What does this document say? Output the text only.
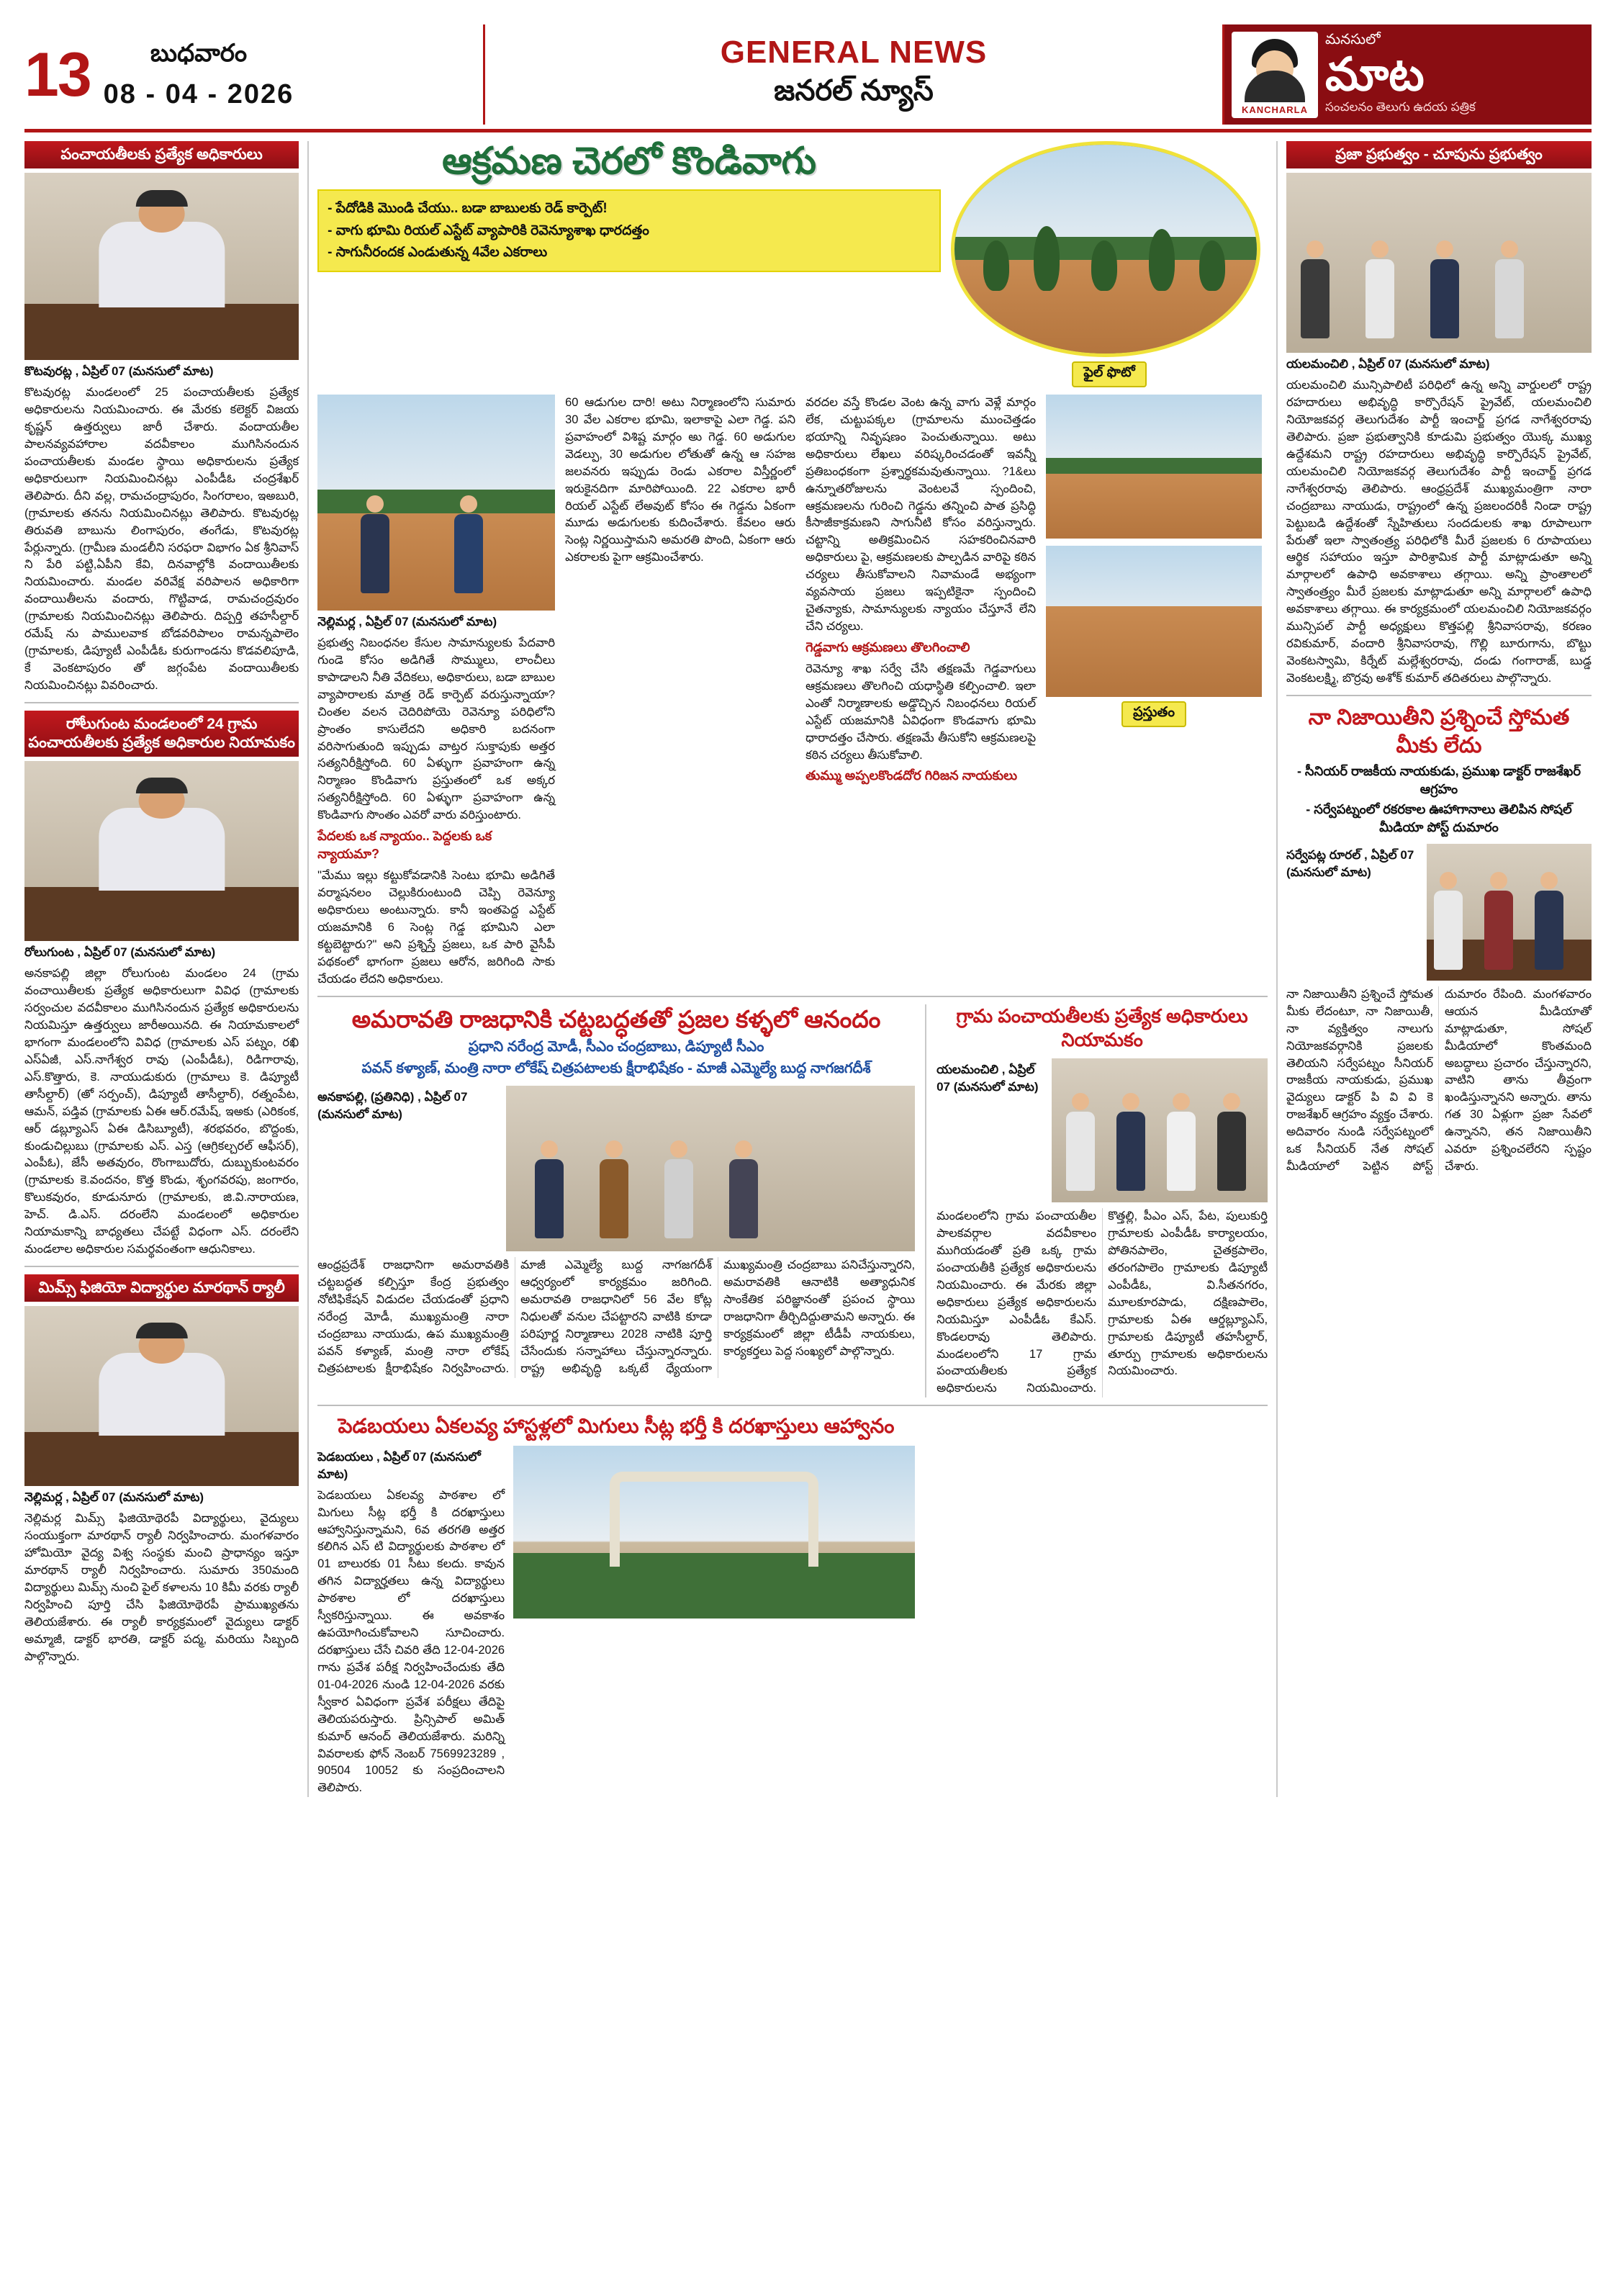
13 బుధవారం
08 - 04 - 2026
GENERAL NEWS
జనరల్ న్యూస్
KANCHARLA
మనసులో
మాట
సంచలనం తెలుగు ఉదయ పత్రిక
పంచాయతీలకు ప్రత్యేక అధికారులు
కొటవురట్ల , ఏప్రిల్ 07 (మనసులో మాట)
కొటవురట్ల మండలంలో 25 పంచాయతీలకు ప్రత్యేక అధికారులను నియమించారు. ఈ మేరకు కలెక్టర్ విజయ కృష్ణన్ ఉత్తర్వులు జారీ చేశారు. వందాయతీల పాలనవ్యవహారాల వదవీకాలం ముగిసినందున పంచాయతీలకు మండల స్థాయి అధికారులను ప్రత్యేక అధికారులుగా నియమించినట్లు ఎంపీడీఓ చంద్రశేఖర్ తెలిపారు. దీని వల్ల, రామచంద్రాపురం, సింగరాలం, ఇఅబురి, (గ్రామాలకు తనను నియమించినట్లు తెలిపారు. కొటవురట్ల తిరువతి బాబును లింగాపురం, తంగేడు, కొటవురట్ల పేర్లున్నారు. (గ్రామీణ మండలీని సరఫరా విభాగం ఏక శ్రీనివాస్ ని పేరి పట్టి,ఏపీని కేవి, దినవాల్లోకి వందాయితీలకు నియమించారు. మండల వరివేక్ష వరిపాలన అధికారిగా వందాయితీలను వందారు, గొట్టివాడ, రామచంద్రవురం (గ్రామాలకు నియమించినట్లు తెలిపారు. దిప్పర్తి తహసీల్దార్ రమేష్ ను పాములవాక బోడవరిపాలం రామన్నపాలెం (గ్రామాలకు, డిప్యూటీ ఎంపీడీఓ కురుగాండను కొడవలిపూడి, కే వెంకటాపురం తో జగ్గంపేట వందాయితీలకు నియమించినట్లు వివరించారు.
రాోలుగుంట మండలంలో 24 గ్రామ పంచాయతీలకు ప్రత్యేక అధికారుల నియామకం
రోలుగుంట , ఏప్రిల్ 07 (మనసులో మాట)
అనకాపల్లి జిల్లా రోలుగుంట మండలం 24 (గ్రామ వంచాయితీలకు ప్రత్యేక అధికారులుగా వివిధ (గ్రామాలకు సర్వంచుల వదవీకాలం ముగిసినందున ప్రత్యేక అధికారులను నియమిస్తూ ఉత్తర్వులు జారీఅయినది. ఈ నియామకాలలో భాగంగా మండలంలోని వివిధ (గ్రామాలకు ఎస్ పట్నం, రఖి ఎస్ఏజీ, ఎస్.నాగేశ్వర రావు (ఎంపీడీఓ), రిడిగారావు, ఎస్.కొత్తారు, కె. నాయుడుకురు (గ్రామాలు కె. డిప్యూటీ తాసీల్దార్) (అో సర్పంచ్), డిప్యూటీ తాసీల్దార్), రత్నంపేట, ఆమన్, పడ్తివ (గ్రామాలకు ఏఈ ఆర్.రమేష్, ఇఅకు (ఎరికంక, ఆర్ డబ్ల్యూఎస్ ఏఈ డిసిబ్యూటీ), శరభవరం, బొద్దంకు, కుండుచిల్లుబు (గ్రామాలకు ఎస్. ఎస్త (ఆగ్రికల్చరల్ ఆఫీసర్), ఎంపీఓ), జేసీ అతవురం, రొంగాబుదోరు, దుబ్బుకుంటవరం (గ్రామాలకు కె.వందనం, కొత్త కొండు, శృంగవరపు, జంగారం, కొలుకవురం, కూడునూరు (గ్రామాలకు, జి.వి.నారాయణ, హెచ్. డి.ఎస్. దరంలేని మండలంలో అధికారుల నియామకాన్ని బాధ్యతలు చేపట్టే విధంగా ఎస్. దరంలేని మండలాల అధికారుల సమర్థవంతంగా ఆధునికాలు.
మిమ్స్ ఫిజియో విద్యార్థుల మారథాన్ ర్యాలీ
నెల్లిమర్ల , ఏప్రిల్ 07 (మనసులో మాట)
నెల్లిమర్ల మిమ్స్ ఫిజియోథెరపీ విద్యార్థులు, వైద్యులు సంయుక్తంగా మారథాన్ ర్యాలీ నిర్వహించారు. మంగళవారం హోమియో వైద్య విశ్వ సంస్థకు మంచి ప్రాధాన్యం ఇస్తూ మారథాన్ ర్యాలీ నిర్వహించారు. సుమారు 350మంది విద్యార్థులు మిమ్స్ నుంచి పైల్ కళాలను 10 కిమీ వరకు ర్యాలీ నిర్వహించి పూర్తి చేసి ఫిజియోథెరపీ ప్రాముఖ్యతను తెలియజేశారు. ఈ ర్యాలీ కార్యక్రమంలో వైద్యులు డాక్టర్ అమ్మాజీ, డాక్టర్ భారతి, డాక్టర్ పద్మ, మరియు సిబ్బంది పాల్గొన్నారు.
ఆక్రమణ చెరలో కొండివాగు
- పేదోడికి మొండి చేయు.. బడా బాబులకు రెడ్ కార్పెట్!
- వాగు భూమి రియల్ ఎస్టేట్ వ్యాపారికి రెవెన్యూశాఖ ధారదత్తం
- సాగునీరందక ఎండుతున్న 4వేల ఎకరాలు
ఫైల్ ఫొటో
నెల్లిమర్ల , ఏప్రిల్ 07 (మనసులో మాట)
ప్రభుత్వ నిబంధనల కేసుల సామాన్యులకు పేదవారి గుండె కోసం అడిగితే సొమ్ములు, లాంచీలు కాపాడాలని నీతి వేదికలు, అధికారులు, బడా బాబుల వ్యాపారాలకు మాత్ర రెడ్ కార్పెట్ వరుస్తున్నాయా? చింతల వలన చెదిరిపోయె రెవెన్యూ పరిధిలోని ప్రాంతం కాసులేదని అధికారి బదనంగా వరిసాగుతుంది ఇప్పుడు వాట్తర సుక్తాపుకు అత్తర సత్యనిరీక్షిస్తోంది. 60 ఏళ్ళుగా ప్రవాహంగా ఉన్న నిర్మాణం కొండివాగు ప్రస్తుతంలో ఒక అక్కర సత్యనిరీక్షిస్తోంది. 60 ఏళ్ళుగా ప్రవాహంగా ఉన్న కొండివాగు సొంతం ఎవరో వారు వరిస్తుంటారు.
పేదలకు ఒక న్యాయం.. పెద్దలకు ఒక న్యాయమా?
"మేము ఇల్లు కట్టుకోవడానికి సెంటు భూమి అడిగితే వర్మాషనలం చెల్లుకిరుంటుంది చెప్పి రెవెన్యూ అధికారులు అంటున్నారు. కానీ ఇంతపెద్ద ఎస్టేట్ యజమానికి 6 సెంట్ల గెడ్డ భూమిని ఎలా కట్టబెట్టారు?" అని ప్రశ్నిస్తే ప్రజలు, ఒక పారి వైసీపీ పథకంలో భాగంగా ప్రజలు ఆరోన, జరిగింది సాకు చేయడం లేదని అధికారులు.
60 ఆడుగుల దారి! అటు నిర్మాణంలోని సుమారు 30 వేల ఎకరాల భూమి, ఇలాకాపై ఎలా గెడ్డ. పని ప్రవాహంలో విశిష్ట మార్గం అు గెడ్డ. 60 అడుగుల వెడల్పు, 30 అడుగుల లోతుతో ఉన్న ఆ సహజ జలవనరు ఇప్పుడు రెండు ఎకరాల విస్తీర్ణంలో ఇరుకైనదిగా మారిపోయింది. 22 ఎకరాల భారీ రియల్ ఎస్టేట్ లేఅవుట్ కోసం ఈ గెడ్డను ఏకంగా మూడు అడుగులకు కుదించేశారు. కేవలం ఆరు సెంట్ల నిర్ణయిస్తామని అమరతి పొంది, ఏకంగా ఆరు ఎకరాలకు పైగా ఆక్రమించేశారు.
వరదల వస్తే కొండల వెంట ఉన్న వాగు వెళ్లే మార్గం లేక, చుట్టుపక్కల (గ్రామాలను ముంచెత్తడం భయాన్ని నివృషణం పెంచుతున్నాయి. అటు అధికారులు లేఖలు వరిష్కరించడంతో ఇవన్నీ ప్రతిబంధకంగా ప్రశ్నార్థకమవుతున్నాయి. ?1&లు ఉన్నూతరోజులను వెంటలవే స్పందించి, ఆక్రమణలను గురించి గెడ్డను తన్నించి పాత ప్రసిద్ధి కీసాజీకాక్రమణని సాగునీటి కోసం వరిస్తున్నారు. చట్టాన్ని అతిక్రమించిన సహకరించినవారి అధికారులు పై, ఆక్రమణలకు పాల్పడిన వారిపై కఠిన చర్యలు తీసుకోవాలని నివామండే అభ్యంగా వ్యవసాయ ప్రజలు ఇప్పటికైనా స్పందించి చైతన్యాకు, సామాన్యులకు న్యాయం చేస్తూనే లేని చేని చర్యలు.
గెడ్డవాగు ఆక్రమణలు తొలగించాలి
రెవెన్యూ శాఖ సర్వే చేసి తక్షణమే గెడ్డవాగులు ఆక్రమణలు తొలగించి యధాస్థితి కల్పించాలి. ఇలా ఎంతో నిర్మాణాలకు అడ్డొచ్చిన నిబంధనలు రియల్ ఎస్టేట్ యజమానికి ఏవిధంగా కొండవాగు భూమి ధారాదత్తం చేసారు. తక్షణమే తీసుకోని ఆక్రమణలపై కఠిన చర్యలు తీసుకోవాలి.
తుమ్ము అప్పలకొండదోర గిరిజన నాయకులు
ప్రస్తుతం
అమరావతి రాజధానికి చట్టబద్ధతతో ప్రజల కళ్ళలో ఆనందం
ప్రధాని నరేంద్ర మోడీ, సీఎం చంద్రబాబు, డిప్యూటీ సీఎం
పవన్ కళ్యాణ్, మంత్రి నారా లోకేష్ చిత్రపటాలకు క్షీరాభిషేకం - మాజీ ఎమ్మెల్యే బుద్ద నాగజగదీశ్
అనకాపల్లి, (ప్రతినిధి) , ఏప్రిల్ 07 (మనసులో మాట)
ఆంధ్రప్రదేశ్ రాజధానిగా అమరావతికి చట్టబద్ధత కల్పిస్తూ కేంద్ర ప్రభుత్వం నోటిఫికేషన్ విడుదల చేయడంతో ప్రధాని నరేంద్ర మోడీ, ముఖ్యమంత్రి నారా చంద్రబాబు నాయుడు, ఉప ముఖ్యమంత్రి పవన్ కళ్యాణ్, మంత్రి నారా లోకేష్ చిత్రపటాలకు క్షీరాభిషేకం నిర్వహించారు. మాజీ ఎమ్మెల్యే బుద్ద నాగజగదీశ్ ఆధ్వర్యంలో కార్యక్రమం జరిగింది. అమరావతి రాజధానిలో 56 వేల కోట్ల నిధులతో వనుల చేపట్టారని వాటికి కూడా పరిపూర్ణ నిర్మాణాలు 2028 నాటికి పూర్తి చేసేందుకు సన్నాహాలు చేస్తున్నారన్నారు. రాష్ట్ర అభివృద్ధి ఒక్కటే ధ్యేయంగా ముఖ్యమంత్రి చంద్రబాబు పనిచేస్తున్నారని, అమరావతికి ఆనాటికి అత్యాధునిక సాంకేతిక పరిజ్ఞానంతో ప్రపంచ స్థాయి రాజధానిగా తీర్చిదిద్దుతామని అన్నారు. ఈ కార్యక్రమంలో జిల్లా టీడీపీ నాయకులు, కార్యకర్తలు పెద్ద సంఖ్యలో పాల్గొన్నారు.
గ్రామ పంచాయతీలకు ప్రత్యేక అధికారులు నియామకం
యలమంచిలి , ఏప్రిల్ 07 (మనసులో మాట)
మండలంలోని గ్రామ పంచాయతీల పాలకవర్గాల వదవీకాలం ముగియడంతో ప్రతి ఒక్క గ్రామ పంచాయతీకి ప్రత్యేక అధికారులను నియమించారు. ఈ మేరకు జిల్లా అధికారులు ప్రత్యేక అధికారులను నియమిస్తూ ఎంపీడీఓ కేఎస్. కొండలరావు తెలిపారు. మండలంలోని 17 గ్రామ పంచాయతీలకు ప్రత్యేక అధికారులను నియమించారు. కొత్తల్లి, పీఎం ఎస్, పేట, పులుకుర్తి గ్రామాలకు ఎంపీడీఓ కార్యాలయం, పోతినపాలెం, చైతక్రపాలెం, తరంగపాలెం గ్రామాలకు డిప్యూటీ ఎంపీడీఓ, వి.సీతనగరం, మూలకూరపాడు, దక్షిణపాలెం, గ్రామాలకు ఏఈ ఆర్డబ్ల్యూఎస్, గ్రామాలకు డిప్యూటీ తహసీల్దార్, తూర్పు గ్రామాలకు అధికారులను నియమించారు.
పెడబయలు ఏకలవ్య హాస్టళ్లలో మిగులు సీట్ల భర్తీ కి దరఖాస్తులు ఆహ్వానం
పెడబయలు , ఏప్రిల్ 07 (మనసులో మాట)
పెడబయలు ఏకలవ్య పాఠశాల లో మిగులు సీట్ల భర్తీ కి దరఖాస్తులు ఆహ్వానిస్తున్నామని, 6వ తరగతి అత్తర కలిగిన ఎస్ టి విద్యార్థులకు పాఠశాల లో 01 బాలురకు 01 సీటు కలదు. కావున తగిన విద్యార్హతలు ఉన్న విద్యార్థులు పాఠశాల లో దరఖాస్తులు స్వీకరిస్తున్నాయి. ఈ అవకాశం ఉపయోగించుకోవాలని సూచించారు. దరఖాస్తులు చేసే చివరి తేది 12-04-2026 గాను ప్రవేశ పరీక్ష నిర్వహించేందుకు తేది 01-04-2026 నుండి 12-04-2026 వరకు స్వీకార ఏవిధంగా ప్రవేశ పరీక్షలు తేదిపై తెలియపరుస్తారు. ప్రిన్సిపాల్ అమిత్ కుమార్ ఆనంద్ తెలియజేశారు. మరిన్ని వివరాలకు ఫోన్ నెంబర్ 7569923289 , 90504 10052 కు సంప్రదించాలని తెలిపారు.
ప్రజా ప్రభుత్వం - చూపును ప్రభుత్వం
యలమంచిలి , ఏప్రిల్ 07 (మనసులో మాట)
యలమంచిలి మున్సిపాలిటీ పరిధిలో ఉన్న అన్ని వార్డులలో రాష్ట్ర రహదారులు అభివృద్ధి కార్పొరేషన్ ప్రైవేట్, యలమంచిలి నియోజకవర్గ తెలుగుదేశం పార్టీ ఇంచార్జ్ ప్రగడ నాగేశ్వరరావు తెలిపారు. ప్రజా ప్రభుత్వానికి కూడుమి ప్రభుత్వం యొక్క ముఖ్య ఉద్దేశమని రాష్ట్ర రహదారులు అభివృద్ధి కార్పొరేషన్ ప్రైవేట్, యలమంచిలి నియోజకవర్గ తెలుగుదేశం పార్టీ ఇంచార్జ్ ప్రగడ నాగేశ్వరరావు తెలిపారు. ఆంధ్రప్రదేశ్ ముఖ్యమంత్రిగా నారా చంద్రబాబు నాయుడు, రాష్ట్రంలో ఉన్న ప్రజలందరికీ నిండా రాష్ట్ర పెట్టుబడి ఉద్దేశంతో స్నేహితులు సందడులకు శాఖ రూపాలుగా పేరుతో ఇలా స్వాతంత్ర్య పరిధిలోకి మీరే ప్రజలకు 6 రూపాయలు ఆర్థిక సహాయం ఇస్తూ పారిశ్రామిక పార్టీ మాట్లాడుతూ అన్ని మార్గాలలో ఉపాధి అవకాశాలు తగ్గాయి. అన్ని ప్రాంతాలలో స్వాతంత్ర్యం మీరే ప్రజలకు మాట్లాడుతూ అన్ని మార్గాలలో ఉపాధి అవకాశాలు తగ్గాయి. ఈ కార్యక్రమంలో యలమంచిలి నియోజకవర్గం మున్సిపల్ పార్టీ అధ్యక్షులు కొత్తపల్లి శ్రీనివాసరావు, కరణం రవికుమార్, వందారి శ్రీనివాసరావు, గొల్లి బూరుగాను, బొట్టు వెంకటస్వామి, కిర్నేట్ మల్లేశ్వరరావు, దండు గంగారాజ్, బుడ్డ వెంకటలక్ష్మి, బొర్రవు అశోక్ కుమార్ తదితరులు పాల్గొన్నారు.
నా నిజాయితీని ప్రశ్నించే స్తోమత మీకు లేదు
- సీనియర్ రాజకీయ నాయకుడు, ప్రముఖ డాక్టర్ రాజశేఖర్ ఆగ్రహం
- సర్వేపట్నంలో రకరకాల ఊహాగానాలు తెలిపిన సోషల్ మీడియా పోస్ట్ దుమారం
సర్వేపట్ల రూరల్ , ఏప్రిల్ 07 (మనసులో మాట)
నా నిజాయితీని ప్రశ్నించే స్తోమత మీకు లేదంటూ, నా నిజాయితీ, నా వ్యక్తిత్వం నాలుగు నియోజకవర్గానికి ప్రజలకు తెలియని సర్వేపట్నం సీనియర్ రాజకీయ నాయకుడు, ప్రముఖ వైద్యులు డాక్టర్ పి వి వి కె రాజశేఖర్ ఆగ్రహం వ్యక్తం చేశారు. అదివారం నుండి సర్వేపట్నంలో ఒక సీనియర్ నేత సోషల్ మీడియాలో పెట్టిన పోస్ట్ దుమారం రేపింది. మంగళవారం ఆయన మీడియాతో మాట్లాడుతూ, సోషల్ మీడియాలో కొంతమంది అబద్ధాలు ప్రచారం చేస్తున్నారని, వాటిని తాను తీవ్రంగా ఖండిస్తున్నానని అన్నారు. తాను గత 30 ఏళ్లుగా ప్రజా సేవలో ఉన్నానని, తన నిజాయితీని ఎవరూ ప్రశ్నించలేరని స్పష్టం చేశారు.
